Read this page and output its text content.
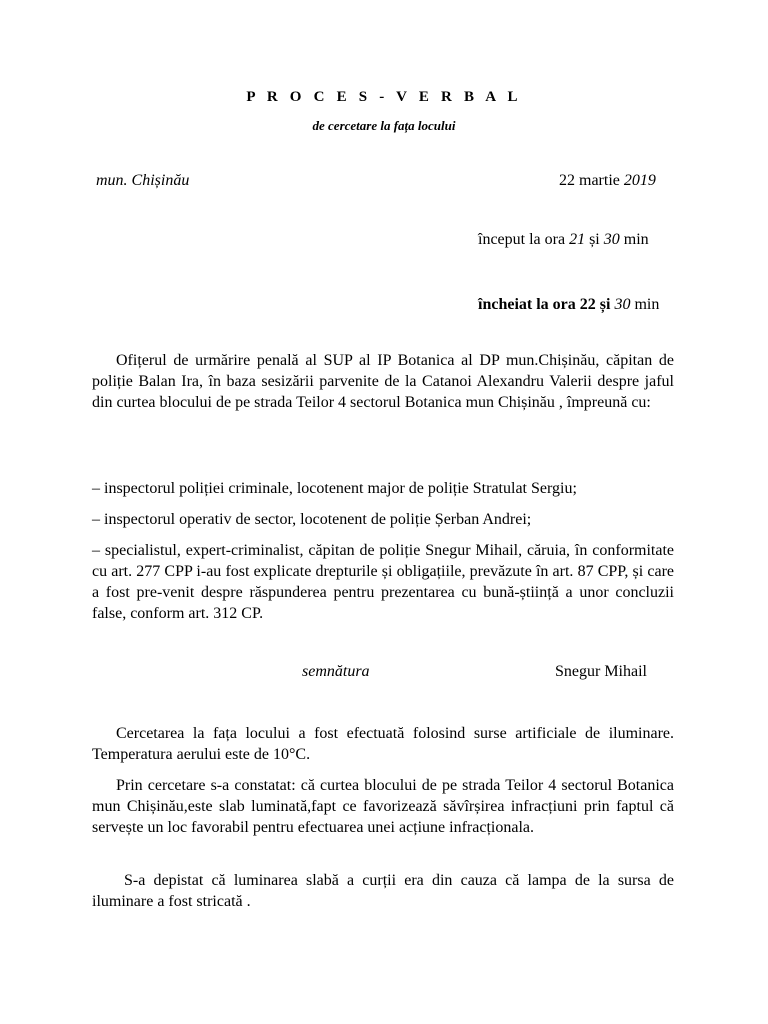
P R O C E S - V E R B A L
de cercetare la fața locului
mun. Chișinău	22 martie 2019
început la ora 21 și 30 min
încheiat la ora 22 și 30 min
Ofițerul de urmărire penală al SUP al IP Botanica al DP mun.Chișinău, căpitan de poliție Balan Ira, în baza sesizării parvenite de la Catanoi Alexandru Valerii despre jaful din curtea blocului de pe strada Teilor 4 sectorul Botanica mun Chișinău , împreună cu:
– inspectorul poliției criminale, locotenent major de poliție Stratulat Sergiu;
– inspectorul operativ de sector, locotenent de poliție Șerban Andrei;
– specialistul, expert-criminalist, căpitan de poliție Snegur Mihail, căruia, în conformitate cu art. 277 CPP i-au fost explicate drepturile și obligațiile, prevăzute în art. 87 CPP, și care a fost pre-venit despre răspunderea pentru prezentarea cu bună-știință a unor concluzii false, conform art. 312 CP.
semnătura	Snegur Mihail
Cercetarea la fața locului a fost efectuată folosind surse artificiale de iluminare. Temperatura aerului este de 10°C.
Prin cercetare s-a constatat: că curtea blocului de pe strada Teilor 4 sectorul Botanica mun Chișinău,este slab luminată,fapt ce favorizează săvîrșirea infracțiuni prin faptul că servește un loc favorabil pentru efectuarea unei acțiune infracționala.
S-a depistat că luminarea slabă a curții era din cauza că lampa de la sursa de iluminare a fost stricată .
